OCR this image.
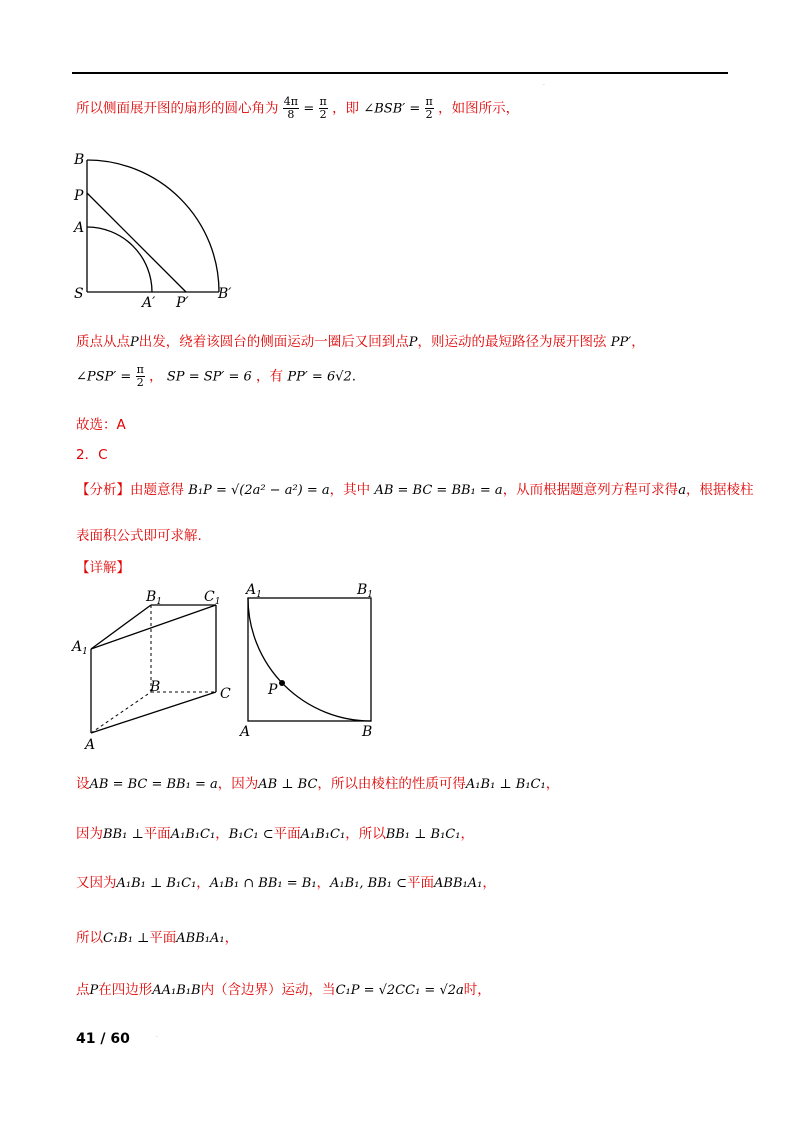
·
所以侧面展开图的扇形的圆心角为 $\frac{4\pi}{8} = \frac{\pi}{2}$ ，即 ∠BSB′ = $\frac{\pi}{2}$ ，如图所示，
B
P
A
S
A′ P′
B′
质点从点P出发，绕着该圆台的侧面运动一圈后又回到点P，则运动的最短路径为展开图弦 PP′，
∠PSP′ = $\frac{\pi}{2}$ ， SP = SP′ = 6 ，有 PP′ = 6√2.
故选：A
2．C
【分析】由题意得 B₁P = √(2a² − a²) = a，其中 AB = BC = BB₁ = a，从而根据题意列方程可求得a，根据棱柱
表面积公式即可求解.
【详解】
$B_1$	$C_1$
$A_1$
B	C
A
$A_1$	$B_1$
P
A	B
设AB = BC = BB₁ = a，因为AB ⊥ BC，所以由棱柱的性质可得A₁B₁ ⊥ B₁C₁，
因为BB₁ ⊥平面A₁B₁C₁，B₁C₁ ⊂平面A₁B₁C₁，所以BB₁ ⊥ B₁C₁，
又因为A₁B₁ ⊥ B₁C₁，A₁B₁ ∩ BB₁ = B₁，A₁B₁, BB₁ ⊂平面ABB₁A₁，
所以C₁B₁ ⊥平面ABB₁A₁，
点P在四边形AA₁B₁B内（含边界）运动，当C₁P = √2CC₁ = √2a时，
41 / 60	·
